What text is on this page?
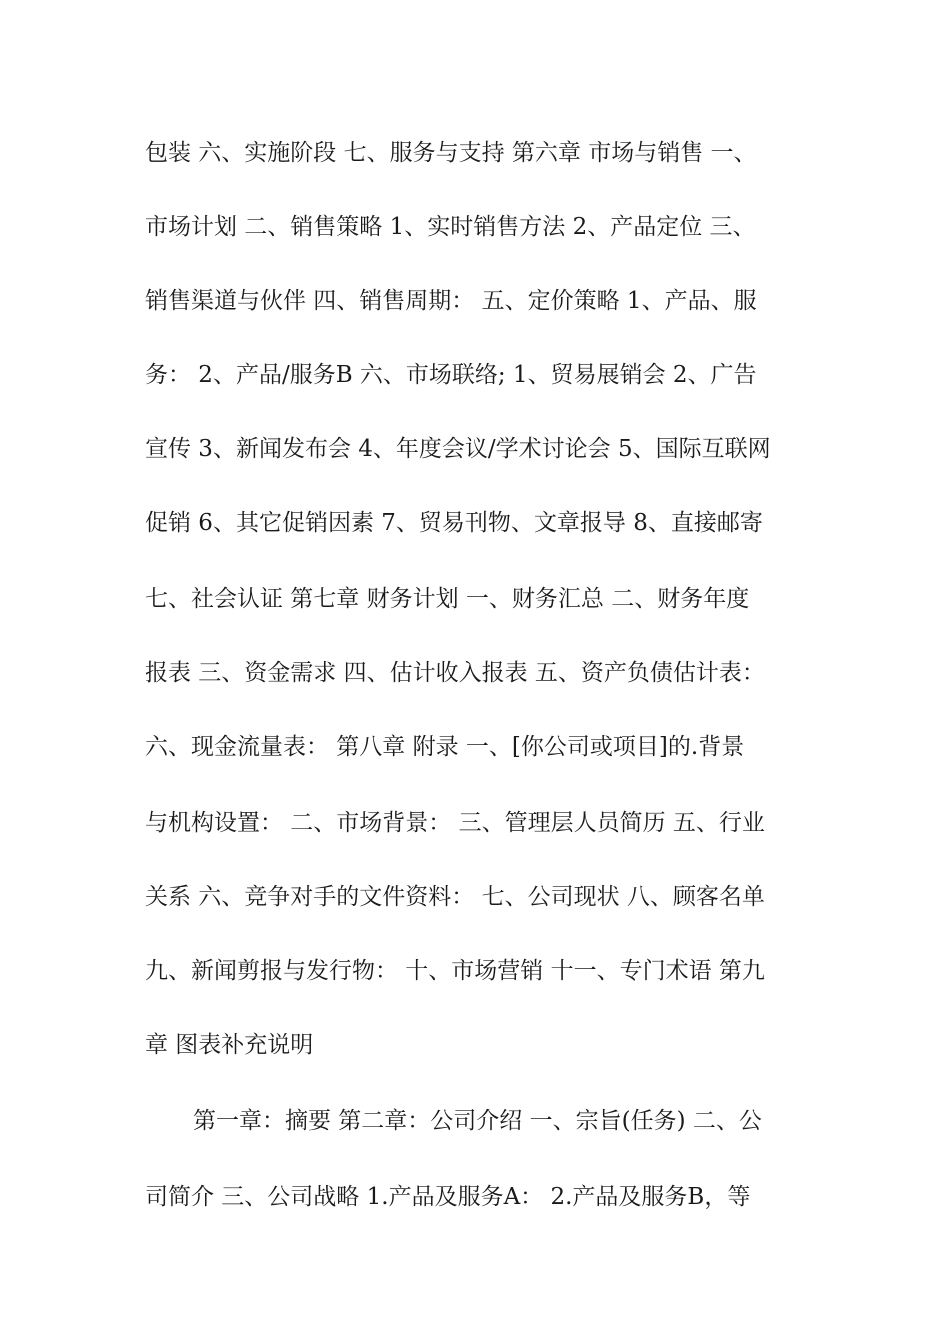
包装 六、实施阶段 七、服务与支持 第六章 市场与销售 一、
市场计划 二、销售策略 1、实时销售方法 2、产品定位 三、
销售渠道与伙伴 四、销售周期： 五、定价策略 1、产品、服
务： 2、产品/服务B 六、市场联络; 1、贸易展销会 2、广告
宣传 3、新闻发布会 4、年度会议/学术讨论会 5、国际互联网
促销 6、其它促销因素 7、贸易刊物、文章报导 8、直接邮寄
七、社会认证 第七章 财务计划 一、财务汇总 二、财务年度
报表 三、资金需求 四、估计收入报表 五、资产负债估计表：
六、现金流量表： 第八章 附录 一、[你公司或项目]的.背景
与机构设置： 二、市场背景： 三、管理层人员简历 五、行业
关系 六、竞争对手的文件资料： 七、公司现状 八、顾客名单
九、新闻剪报与发行物： 十、市场营销 十一、专门术语 第九
章 图表补充说明
第一章：摘要 第二章：公司介绍 一、宗旨(任务) 二、公
司简介 三、公司战略 1.产品及服务A： 2.产品及服务B，等
